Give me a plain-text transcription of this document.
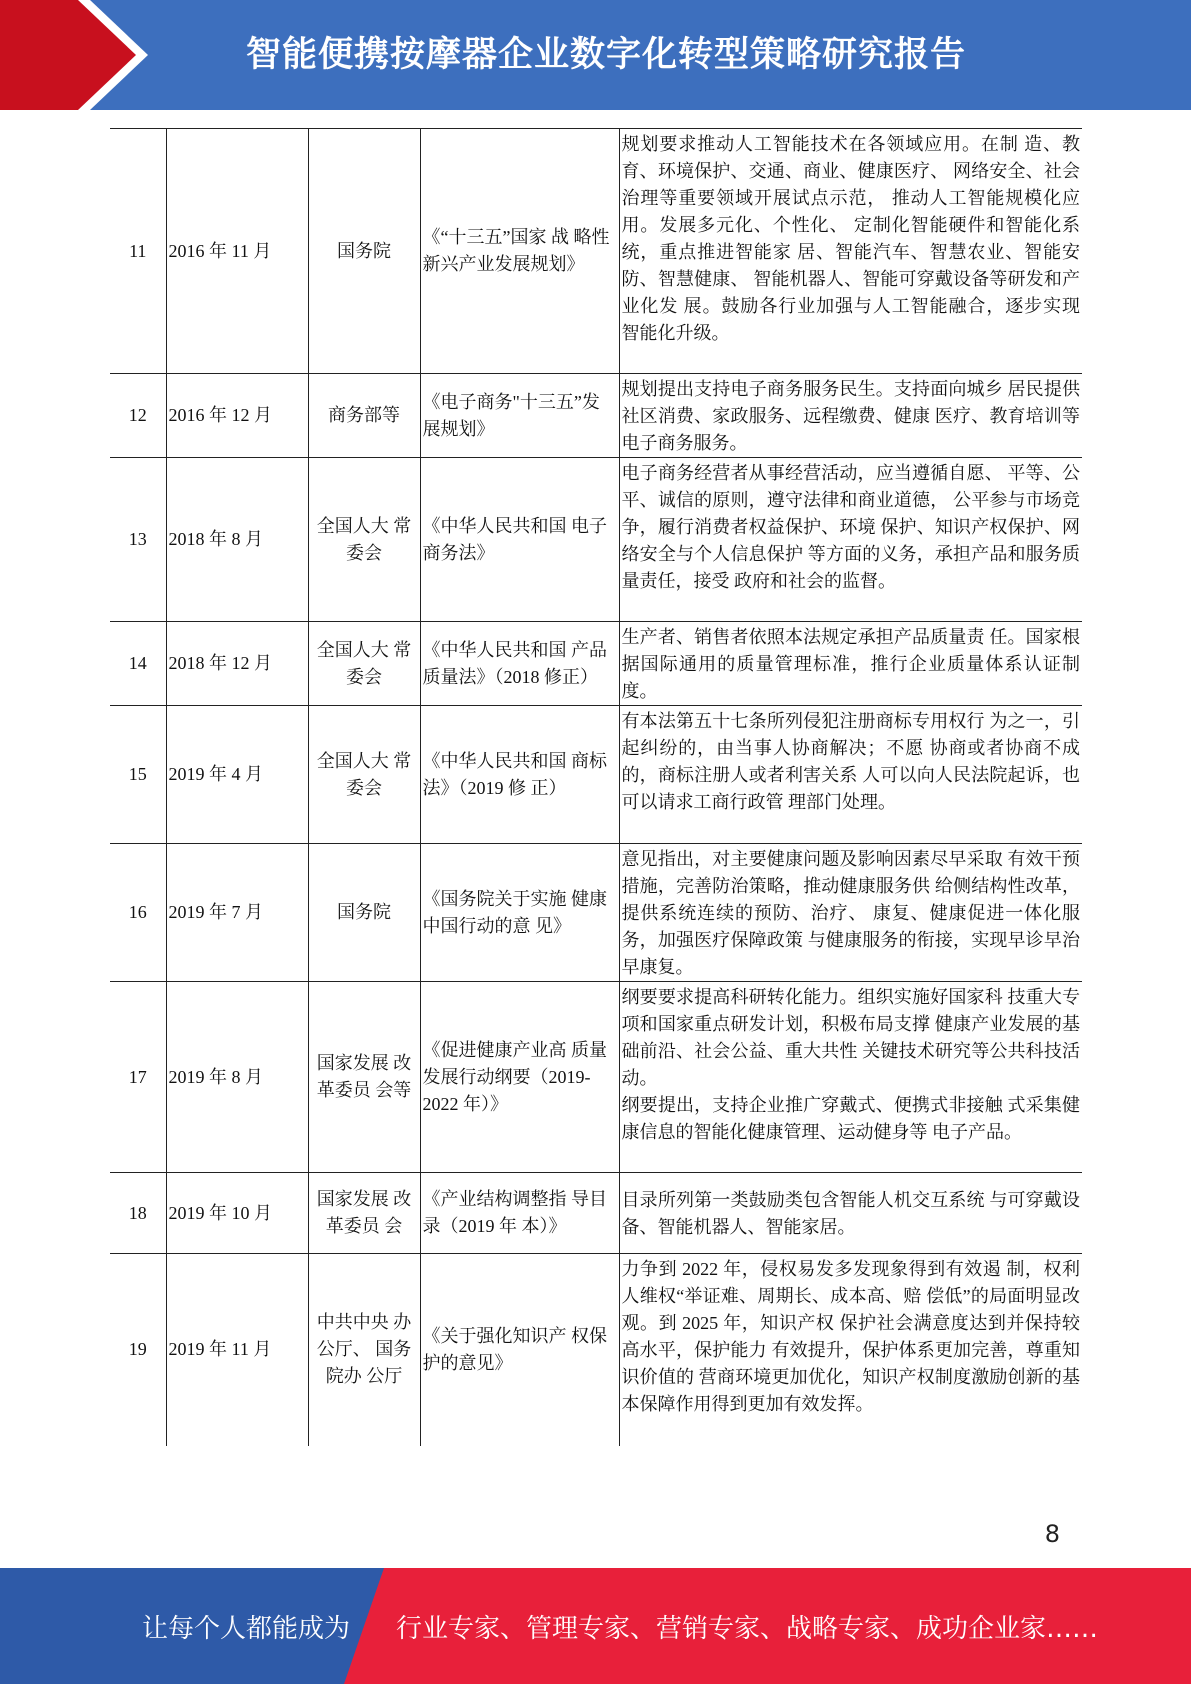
智能便携按摩器企业数字化转型策略研究报告
11	2016 年 11 月	国务院	《“十三五”国家 战 略性新兴产业发展规划》	规划要求推动人工智能技术在各领域应用。在制 造、教育、环境保护、交通、商业、健康医疗、 网络安全、社会治理等重要领域开展试点示范， 推动人工智能规模化应用。发展多元化、个性化、 定制化智能硬件和智能化系统，重点推进智能家 居、智能汽车、智慧农业、智能安防、智慧健康、 智能机器人、智能可穿戴设备等研发和产业化发 展。鼓励各行业加强与人工智能融合，逐步实现 智能化升级。
12	2016 年 12 月	商务部等	《电子商务"十三五”发展规划》	规划提出支持电子商务服务民生。支持面向城乡 居民提供社区消费、家政服务、远程缴费、健康 医疗、教育培训等电子商务服务。
13	2018 年 8 月	全国人大 常委会	《中华人民共和国 电子商务法》	电子商务经营者从事经营活动，应当遵循自愿、 平等、公平、诚信的原则，遵守法律和商业道德， 公平参与市场竞争，履行消费者权益保护、环境 保护、知识产权保护、网络安全与个人信息保护 等方面的义务，承担产品和服务质量责任，接受 政府和社会的监督。
14	2018 年 12 月	全国人大 常委会	《中华人民共和国 产品质量法》（2018 修正）	生产者、销售者依照本法规定承担产品质量责 任。国家根据国际通用的质量管理标准，推行企业质量体系认证制度。
15	2019 年 4 月	全国人大 常委会	《中华人民共和国 商标法》（2019 修 正）	有本法第五十七条所列侵犯注册商标专用权行 为之一，引起纠纷的，由当事人协商解决；不愿 协商或者协商不成的，商标注册人或者利害关系 人可以向人民法院起诉，也可以请求工商行政管 理部门处理。
16	2019 年 7 月	国务院	《国务院关于实施 健康中国行动的意 见》	意见指出，对主要健康问题及影响因素尽早采取 有效干预措施，完善防治策略，推动健康服务供 给侧结构性改革，提供系统连续的预防、治疗、 康复、健康促进一体化服务，加强医疗保障政策 与健康服务的衔接，实现早诊早治早康复。
17	2019 年 8 月	国家发展 改革委员 会等	《促进健康产业高 质量发展行动纲要（2019-2022 年）》	纲要要求提高科研转化能力。组织实施好国家科 技重大专项和国家重点研发计划，积极布局支撑 健康产业发展的基础前沿、社会公益、重大共性 关键技术研究等公共科技活动。
纲要提出，支持企业推广穿戴式、便携式非接触 式采集健康信息的智能化健康管理、运动健身等 电子产品。
18	2019 年 10 月	国家发展 改革委员 会	《产业结构调整指 导目录（2019 年 本）》	目录所列第一类鼓励类包含智能人机交互系统 与可穿戴设备、智能机器人、智能家居。
19	2019 年 11 月	中共中央 办公厅、 国务院办 公厅	《关于强化知识产 权保护的意见》	力争到 2022 年，侵权易发多发现象得到有效遏 制，权利人维权“举证难、周期长、成本高、赔 偿低”的局面明显改观。到 2025 年，知识产权 保护社会满意度达到并保持较高水平，保护能力 有效提升，保护体系更加完善，尊重知识价值的 营商环境更加优化，知识产权制度激励创新的基 本保障作用得到更加有效发挥。
8
让每个人都能成为 行业专家、管理专家、营销专家、战略专家、成功企业家……
